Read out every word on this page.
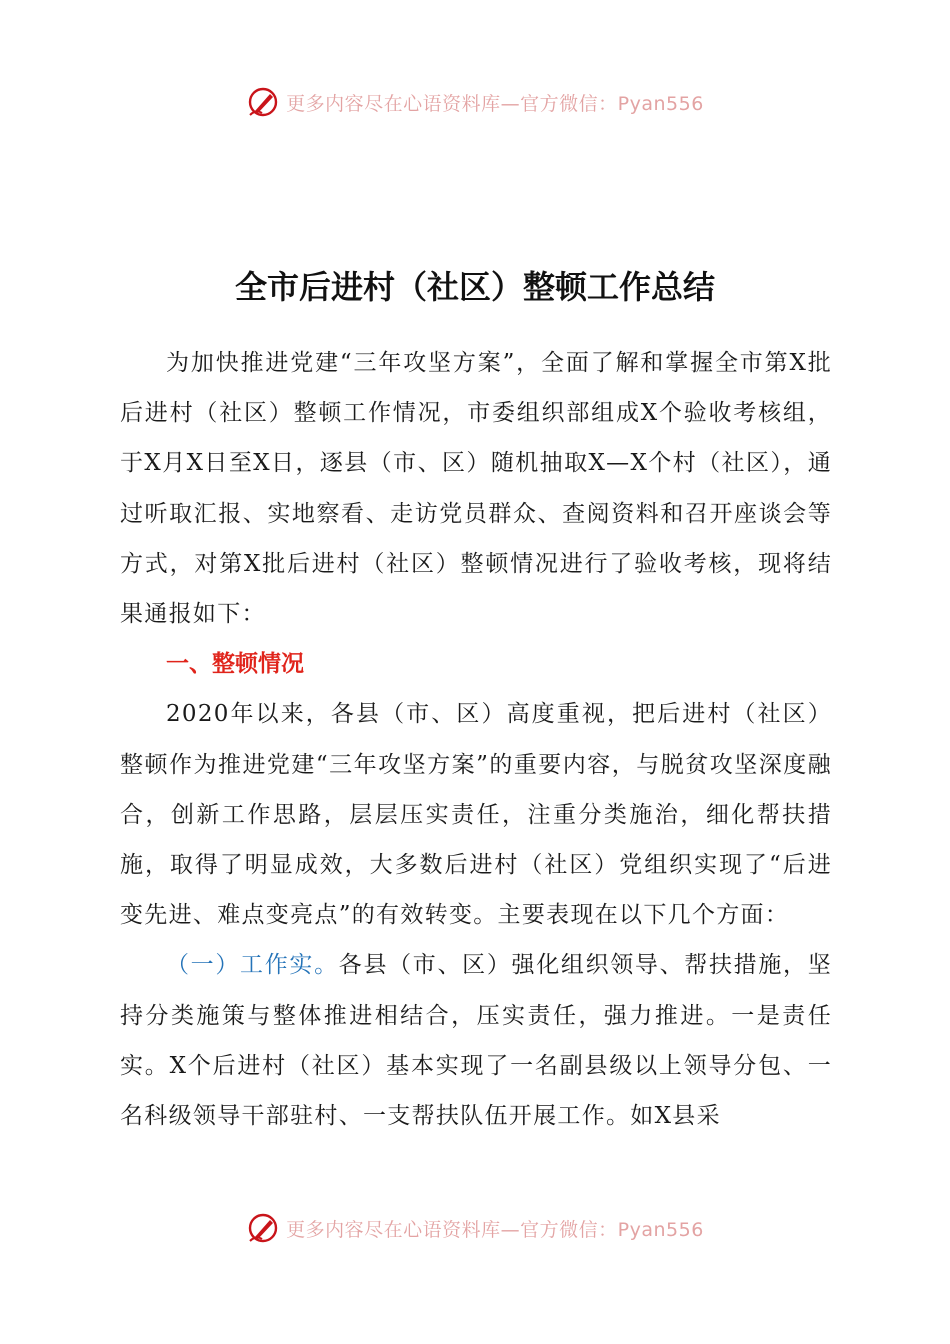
更多内容尽在心语资料库—官方微信：Pyan556
全市后进村（社区）整顿工作总结

为加快推进党建“三年攻坚方案”，全面了解和掌握全市第X批后进村（社区）整顿工作情况，市委组织部组成X个验收考核组，于X月X日至X日，逐县（市、区）随机抽取X—X个村（社区），通过听取汇报、实地察看、走访党员群众、查阅资料和召开座谈会等方式，对第X批后进村（社区）整顿情况进行了验收考核，现将结果通报如下：

一、整顿情况

2020年以来，各县（市、区）高度重视，把后进村（社区）整顿作为推进党建“三年攻坚方案”的重要内容，与脱贫攻坚深度融合，创新工作思路，层层压实责任，注重分类施治，细化帮扶措施，取得了明显成效，大多数后进村（社区）党组织实现了“后进变先进、难点变亮点”的有效转变。主要表现在以下几个方面：

（一）工作实。各县（市、区）强化组织领导、帮扶措施，坚持分类施策与整体推进相结合，压实责任，强力推进。一是责任实。X个后进村（社区）基本实现了一名副县级以上领导分包、一名科级领导干部驻村、一支帮扶队伍开展工作。如X县采

更多内容尽在心语资料库—官方微信：Pyan556
